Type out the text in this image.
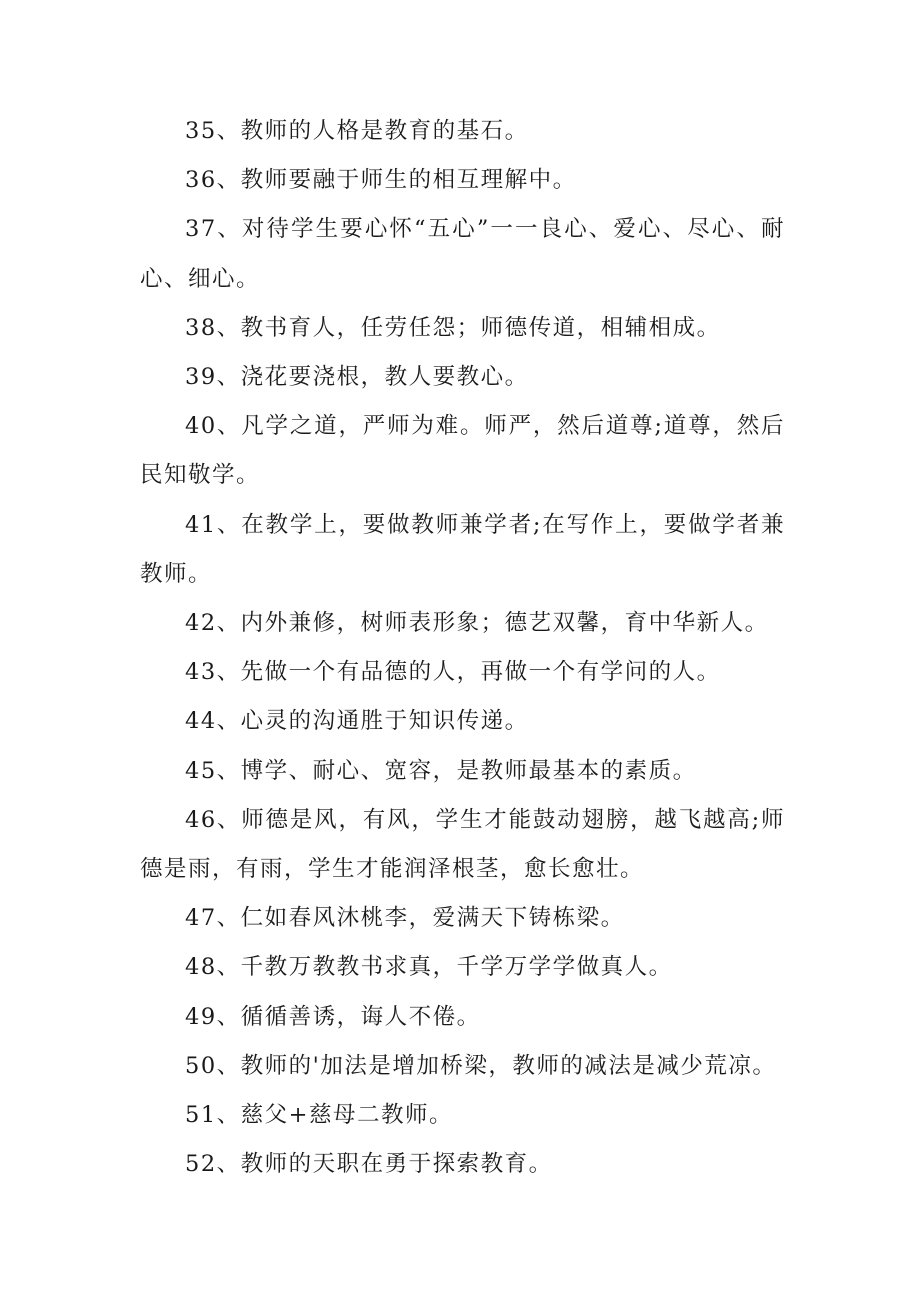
35、教师的人格是教育的基石。

36、教师要融于师生的相互理解中。

37、对待学生要心怀“五心”一一良心、爱心、尽心、耐心、细心。

38、教书育人，任劳任怨；师德传道，相辅相成。

39、浇花要浇根，教人要教心。

40、凡学之道，严师为难。师严，然后道尊;道尊，然后民知敬学。

41、在教学上，要做教师兼学者;在写作上，要做学者兼教师。

42、内外兼修，树师表形象；德艺双馨，育中华新人。

43、先做一个有品德的人，再做一个有学问的人。

44、心灵的沟通胜于知识传递。

45、博学、耐心、宽容，是教师最基本的素质。

46、师德是风，有风，学生才能鼓动翅膀，越飞越高;师德是雨，有雨，学生才能润泽根茎，愈长愈壮。

47、仁如春风沐桃李，爱满天下铸栋梁。

48、千教万教教书求真，千学万学学做真人。

49、循循善诱，诲人不倦。

50、教师的'加法是增加桥梁，教师的减法是减少荒凉。

51、慈父+慈母二教师。

52、教师的天职在勇于探索教育。
